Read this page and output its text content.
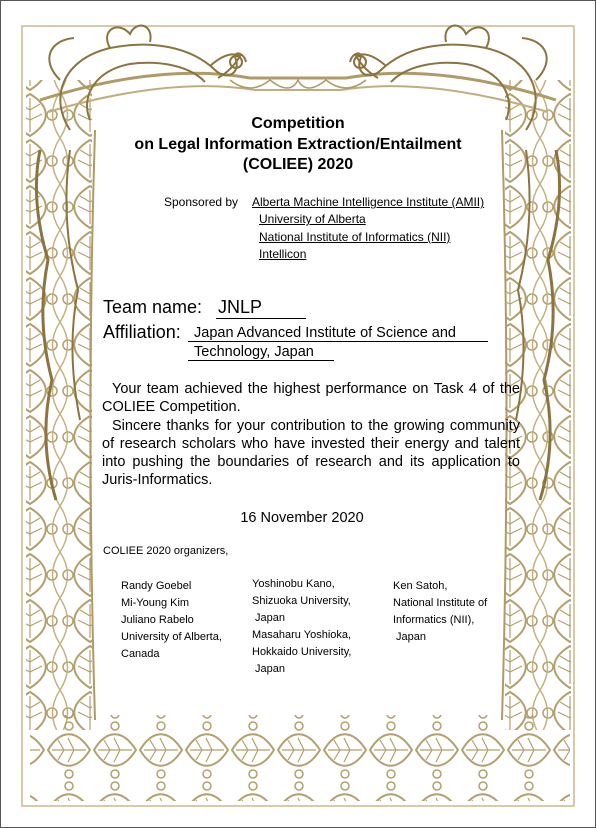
Competition
on Legal Information Extraction/Entailment
(COLIEE) 2020
Sponsored by Alberta Machine Intelligence Institute (AMII)
University of Alberta
National Institute of Informatics (NII)
Intellicon
Team name: JNLP
Affiliation: Japan Advanced Institute of Science and
Technology, Japan
Your team achieved the highest performance on Task 4 of the COLIEE Competition.
Sincere thanks for your contribution to the growing community of research scholars who have invested their energy and talent into pushing the boundaries of research and its application to Juris-Informatics.
16 November 2020
COLIEE 2020 organizers,
Randy Goebel
Mi-Young Kim
Juliano Rabelo
University of Alberta,
Canada
Yoshinobu Kano,
Shizuoka University,
Japan
Masaharu Yoshioka,
Hokkaido University,
Japan
Ken Satoh,
National Institute of
Informatics (NII),
Japan
